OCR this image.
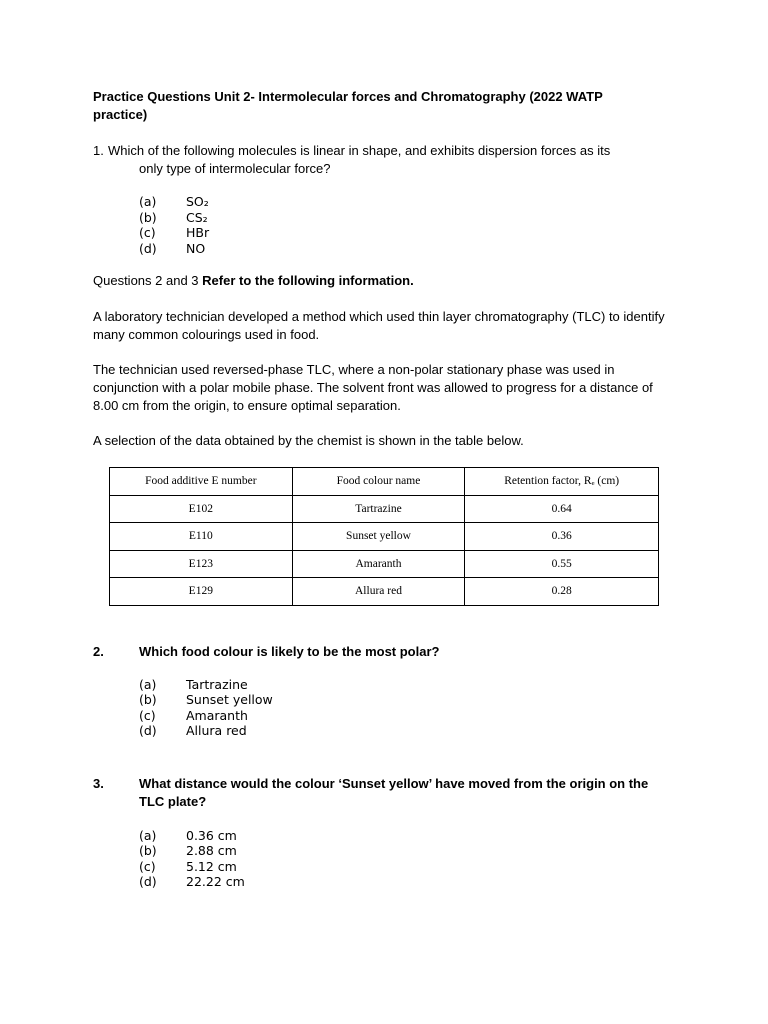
Practice Questions Unit 2- Intermolecular forces and Chromatography (2022 WATP practice)
1. Which of the following molecules is linear in shape, and exhibits dispersion forces as its
only type of intermolecular force?
(a) SO₂
(b) CS₂
(c) HBr
(d) NO
Questions 2 and 3 Refer to the following information.
A laboratory technician developed a method which used thin layer chromatography (TLC) to identify many common colourings used in food.
The technician used reversed-phase TLC, where a non-polar stationary phase was used in conjunction with a polar mobile phase. The solvent front was allowed to progress for a distance of 8.00 cm from the origin, to ensure optimal separation.
A selection of the data obtained by the chemist is shown in the table below.
Food additive E number	Food colour name	Retention factor, Rₑ (cm)
E102	Tartrazine	0.64
E110	Sunset yellow	0.36
E123	Amaranth	0.55
E129	Allura red	0.28
2.	Which food colour is likely to be the most polar?
(a) Tartrazine
(b) Sunset yellow
(c) Amaranth
(d) Allura red
3.	What distance would the colour ‘Sunset yellow’ have moved from the origin on the
TLC plate?
(a) 0.36 cm
(b) 2.88 cm
(c) 5.12 cm
(d) 22.22 cm
